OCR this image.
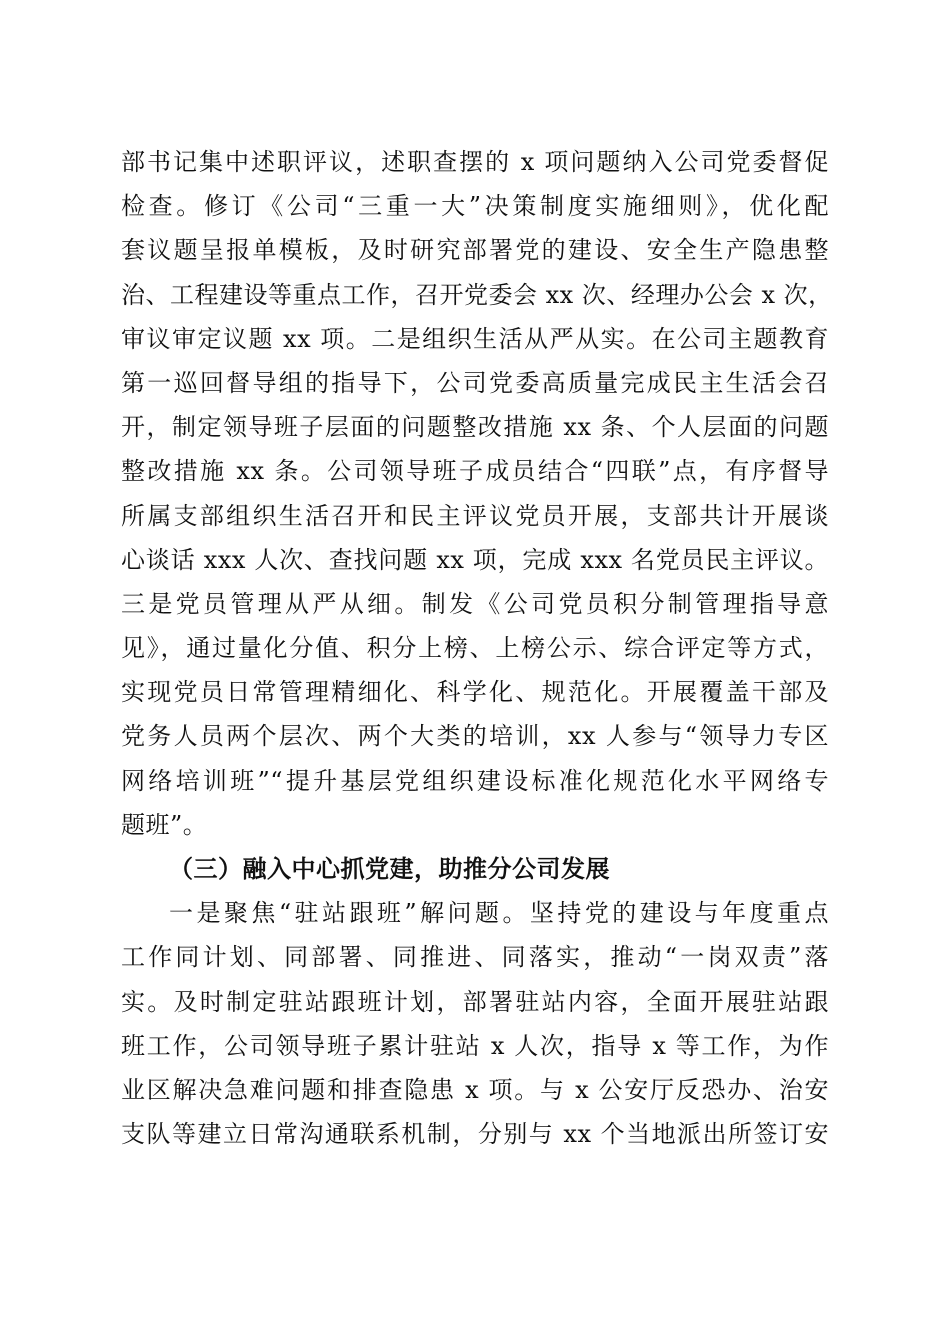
部书记集中述职评议，述职查摆的 x 项问题纳入公司党委督促
检查。修订《公司“三重一大”决策制度实施细则》，优化配
套议题呈报单模板，及时研究部署党的建设、安全生产隐患整
治、工程建设等重点工作，召开党委会 xx 次、经理办公会 x 次，
审议审定议题 xx 项。二是组织生活从严从实。在公司主题教育
第一巡回督导组的指导下，公司党委高质量完成民主生活会召
开，制定领导班子层面的问题整改措施 xx 条、个人层面的问题
整改措施 xx 条。公司领导班子成员结合“四联”点，有序督导
所属支部组织生活召开和民主评议党员开展，支部共计开展谈
心谈话 xxx 人次、查找问题 xx 项，完成 xxx 名党员民主评议。
三是党员管理从严从细。制发《公司党员积分制管理指导意
见》，通过量化分值、积分上榜、上榜公示、综合评定等方式，
实现党员日常管理精细化、科学化、规范化。开展覆盖干部及
党务人员两个层次、两个大类的培训，xx 人参与“领导力专区
网络培训班”“提升基层党组织建设标准化规范化水平网络专
题班”。
（三）融入中心抓党建，助推分公司发展
一是聚焦“驻站跟班”解问题。坚持党的建设与年度重点
工作同计划、同部署、同推进、同落实，推动“一岗双责”落
实。及时制定驻站跟班计划，部署驻站内容，全面开展驻站跟
班工作，公司领导班子累计驻站 x 人次，指导 x 等工作，为作
业区解决急难问题和排查隐患 x 项。与 x 公安厅反恐办、治安
支队等建立日常沟通联系机制，分别与 xx 个当地派出所签订安
